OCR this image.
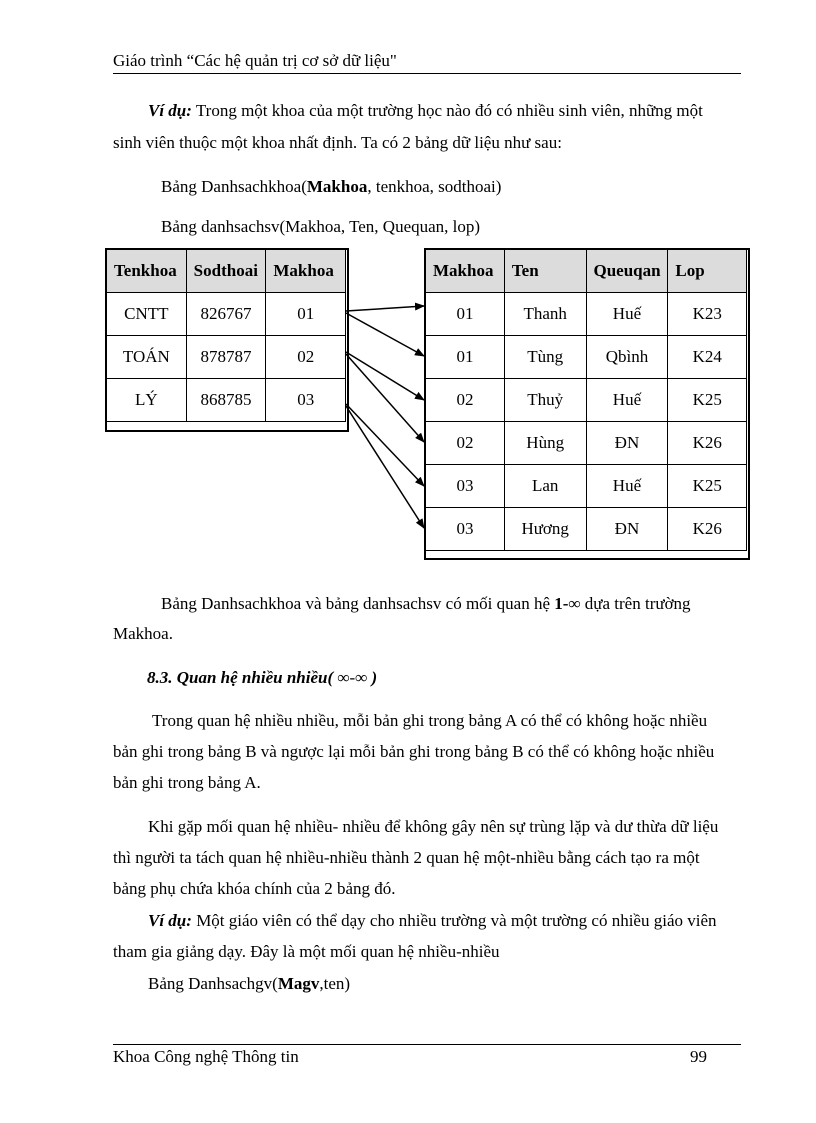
Giáo trình “Các hệ quản trị cơ sở dữ liệu"
Ví dụ: Trong một khoa của một trường học nào đó có nhiều sinh viên, những một
sinh viên thuộc một khoa nhất định. Ta có 2 bảng dữ liệu như sau:
Bảng Danhsachkhoa(Makhoa, tenkhoa, sodthoai)
Bảng danhsachsv(Makhoa, Ten, Quequan, lop)
Tenkhoa	Sodthoai	Makhoa
CNTT	826767	01
TOÁN	878787	02
LÝ	868785	03
Makhoa	Ten	Queuqan	Lop
01	Thanh	Huế	K23
01	Tùng	Qbình	K24
02	Thuỷ	Huế	K25
02	Hùng	ĐN	K26
03	Lan	Huế	K25
03	Hương	ĐN	K26
Bảng Danhsachkhoa và bảng danhsachsv có mối quan hệ 1-∞ dựa trên trường
Makhoa.
8.3. Quan hệ nhiều nhiều( ∞-∞ )
Trong quan hệ nhiều nhiều, mỗi bản ghi trong bảng A có thể có không hoặc nhiều
bản ghi trong bảng B và ngược lại mỗi bản ghi trong bảng B có thể có không hoặc nhiều
bản ghi trong bảng A.
Khi gặp mối quan hệ nhiều- nhiều để không gây nên sự trùng lặp và dư thừa dữ liệu
thì người ta tách quan hệ nhiều-nhiều thành 2 quan hệ một-nhiều bằng cách tạo ra một
bảng phụ chứa khóa chính của 2 bảng đó.
Ví dụ: Một giáo viên có thể dạy cho nhiều trường và một trường có nhiều giáo viên
tham gia giảng dạy. Đây là một mối quan hệ nhiều-nhiều
Bảng Danhsachgv(Magv,ten)
Khoa Công nghệ Thông tin	99
